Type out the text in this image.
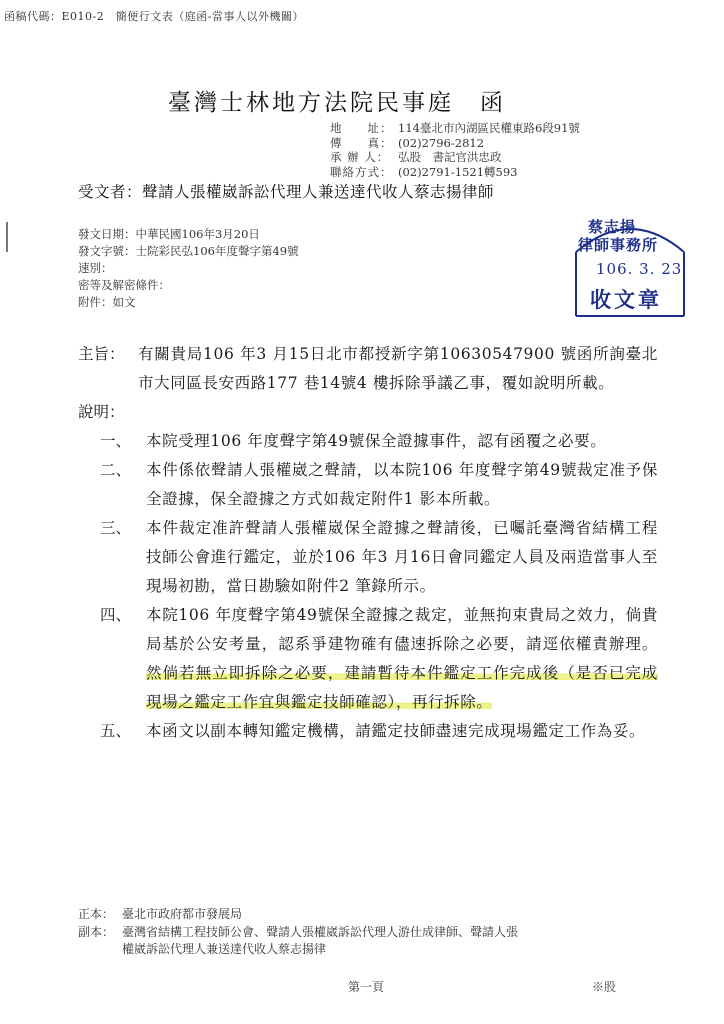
函稿代碼：E010-2　簡便行文表（庭函-當事人以外機關）
臺灣士林地方法院民事庭 函
地　　址： 114臺北市內湖區民權東路6段91號
傳　　真： (02)2796-2812
承 辦 人： 弘股　書記官洪忠政
聯絡方式： (02)2791-1521轉593
受文者：聲請人張權崴訴訟代理人兼送達代收人蔡志揚律師
發文日期：中華民國106年3月20日
發文字號：士院彩民弘106年度聲字第49號
速別：
密等及解密條件：
附件：如文
蔡志揚
律師事務所
106. 3. 23
收文章
主旨： 有關貴局106 年3 月15日北市都授新字第10630547900 號函所詢臺北市大同區長安西路177 巷14號4 樓拆除爭議乙事，覆如說明所載。
說明：
一、 本院受理106 年度聲字第49號保全證據事件，認有函覆之必要。
二、 本件係依聲請人張權崴之聲請，以本院106 年度聲字第49號裁定准予保全證據，保全證據之方式如裁定附件1 影本所載。
三、 本件裁定准許聲請人張權崴保全證據之聲請後，已囑託臺灣省結構工程技師公會進行鑑定，並於106 年3 月16日會同鑑定人員及兩造當事人至現場初勘，當日勘驗如附件2 筆錄所示。
四、 本院106 年度聲字第49號保全證據之裁定，並無拘束貴局之效力，倘貴局基於公安考量，認系爭建物確有儘速拆除之必要，請逕依權責辦理。然倘若無立即拆除之必要，建請暫待本件鑑定工作完成後（是否已完成現場之鑑定工作宜與鑑定技師確認），再行拆除。
五、 本函文以副本轉知鑑定機構，請鑑定技師盡速完成現場鑑定工作為妥。
正本： 臺北市政府都市發展局
副本： 臺灣省結構工程技師公會、聲請人張權崴訴訟代理人游仕成律師、聲請人張權崴訴訟代理人兼送達代收人蔡志揚律
第一頁	※股
